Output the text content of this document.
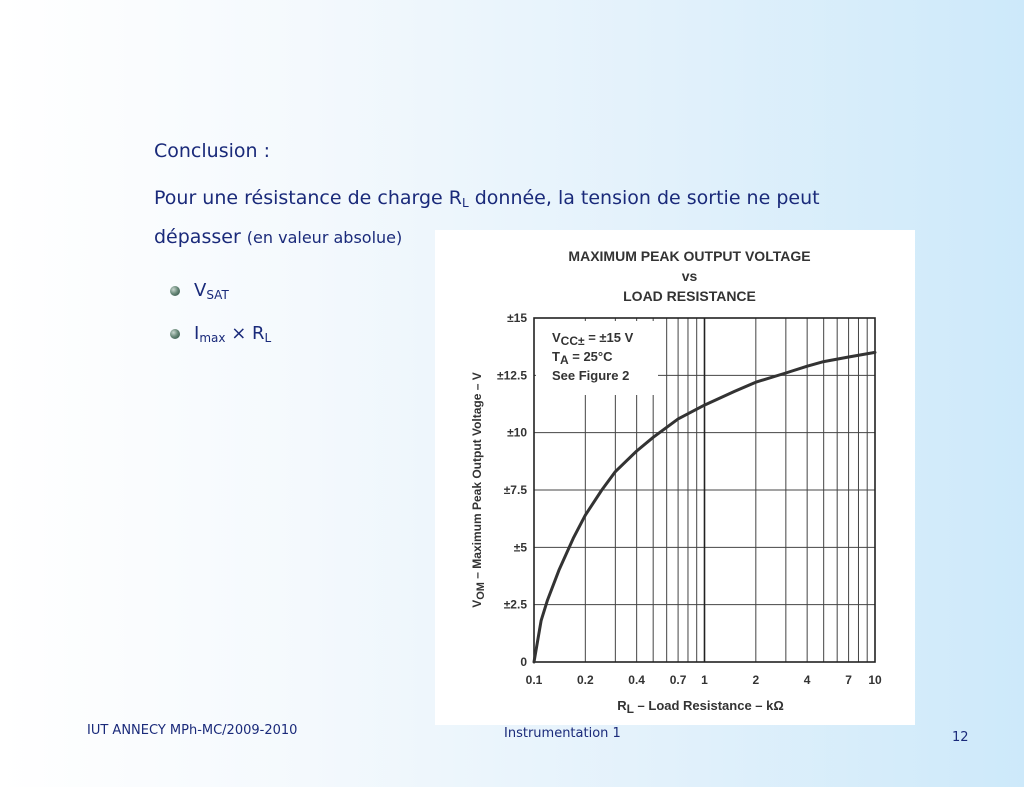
Conclusion :
Pour une résistance de charge $R_L$ donnée, la tension de sortie ne peut
dépasser (en valeur absolue)
$V_{SAT}$
$I_{max} \times R_L$
MAXIMUM PEAK OUTPUT VOLTAGE
vs
LOAD RESISTANCE
0
±2.5
±5
±7.5
±10
±12.5
±15
0.1	0.2	0.4 0.7 1	2	4	7 10
RL – Load Resistance – kΩ
VOM – Maximum Peak Output Voltage – V
VCC± = ±15 V
TA = 25°C
See Figure 2
IUT ANNECY MPh-MC/2009-2010	Instrumentation 1	12
